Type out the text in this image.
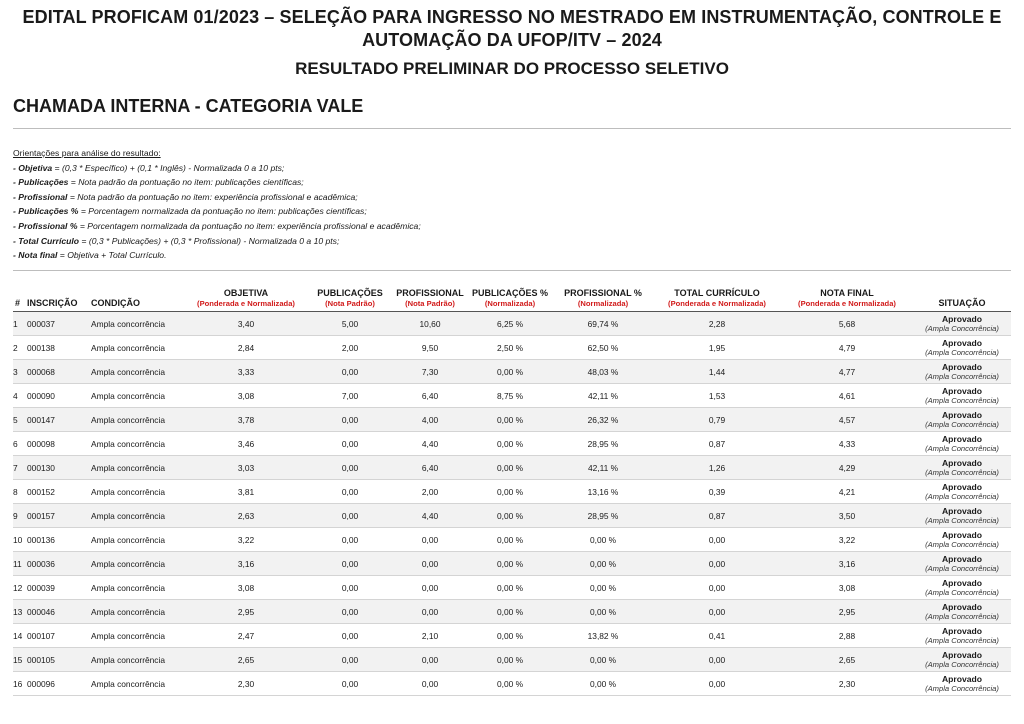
EDITAL PROFICAM 01/2023 – SELEÇÃO PARA INGRESSO NO MESTRADO EM INSTRUMENTAÇÃO, CONTROLE E
AUTOMAÇÃO DA UFOP/ITV – 2024
RESULTADO PRELIMINAR DO PROCESSO SELETIVO
CHAMADA INTERNA - CATEGORIA VALE
Orientações para análise do resultado:
- Objetiva = (0,3 * Específico) + (0,1 * Inglês) - Normalizada 0 a 10 pts;
- Publicações = Nota padrão da pontuação no item: publicações científicas;
- Profissional = Nota padrão da pontuação no item: experiência profissional e acadêmica;
- Publicações % = Porcentagem normalizada da pontuação no item: publicações científicas;
- Profissional % = Porcentagem normalizada da pontuação no item: experiência profissional e acadêmica;
- Total Currículo = (0,3 * Publicações) + (0,3 * Profissional) - Normalizada 0 a 10 pts;
- Nota final = Objetiva + Total Currículo.
#	INSCRIÇÃO	CONDIÇÃO	OBJETIVA
(Ponderada e Normalizada)	PUBLICAÇÕES
(Nota Padrão)	PROFISSIONAL
(Nota Padrão)	PUBLICAÇÕES %
(Normalizada)	PROFISSIONAL %
(Normalizada)	TOTAL CURRÍCULO
(Ponderada e Normalizada)	NOTA FINAL
(Ponderada e Normalizada)	SITUAÇÃO
1	000037	Ampla concorrência	3,40	5,00	10,60	6,25 %	69,74 %	2,28	5,68	Aprovado
(Ampla Concorrência)

2	000138	Ampla concorrência	2,84	2,00	9,50	2,50 %	62,50 %	1,95	4,79	Aprovado
(Ampla Concorrência)

3	000068	Ampla concorrência	3,33	0,00	7,30	0,00 %	48,03 %	1,44	4,77	Aprovado
(Ampla Concorrência)

4	000090	Ampla concorrência	3,08	7,00	6,40	8,75 %	42,11 %	1,53	4,61	Aprovado
(Ampla Concorrência)

5	000147	Ampla concorrência	3,78	0,00	4,00	0,00 %	26,32 %	0,79	4,57	Aprovado
(Ampla Concorrência)

6	000098	Ampla concorrência	3,46	0,00	4,40	0,00 %	28,95 %	0,87	4,33	Aprovado
(Ampla Concorrência)

7	000130	Ampla concorrência	3,03	0,00	6,40	0,00 %	42,11 %	1,26	4,29	Aprovado
(Ampla Concorrência)

8	000152	Ampla concorrência	3,81	0,00	2,00	0,00 %	13,16 %	0,39	4,21	Aprovado
(Ampla Concorrência)

9	000157	Ampla concorrência	2,63	0,00	4,40	0,00 %	28,95 %	0,87	3,50	Aprovado
(Ampla Concorrência)

10	000136	Ampla concorrência	3,22	0,00	0,00	0,00 %	0,00 %	0,00	3,22	Aprovado
(Ampla Concorrência)

11	000036	Ampla concorrência	3,16	0,00	0,00	0,00 %	0,00 %	0,00	3,16	Aprovado
(Ampla Concorrência)

12	000039	Ampla concorrência	3,08	0,00	0,00	0,00 %	0,00 %	0,00	3,08	Aprovado
(Ampla Concorrência)

13	000046	Ampla concorrência	2,95	0,00	0,00	0,00 %	0,00 %	0,00	2,95	Aprovado
(Ampla Concorrência)

14	000107	Ampla concorrência	2,47	0,00	2,10	0,00 %	13,82 %	0,41	2,88	Aprovado
(Ampla Concorrência)

15	000105	Ampla concorrência	2,65	0,00	0,00	0,00 %	0,00 %	0,00	2,65	Aprovado
(Ampla Concorrência)

16	000096	Ampla concorrência	2,30	0,00	0,00	0,00 %	0,00 %	0,00	2,30	Aprovado
(Ampla Concorrência)
